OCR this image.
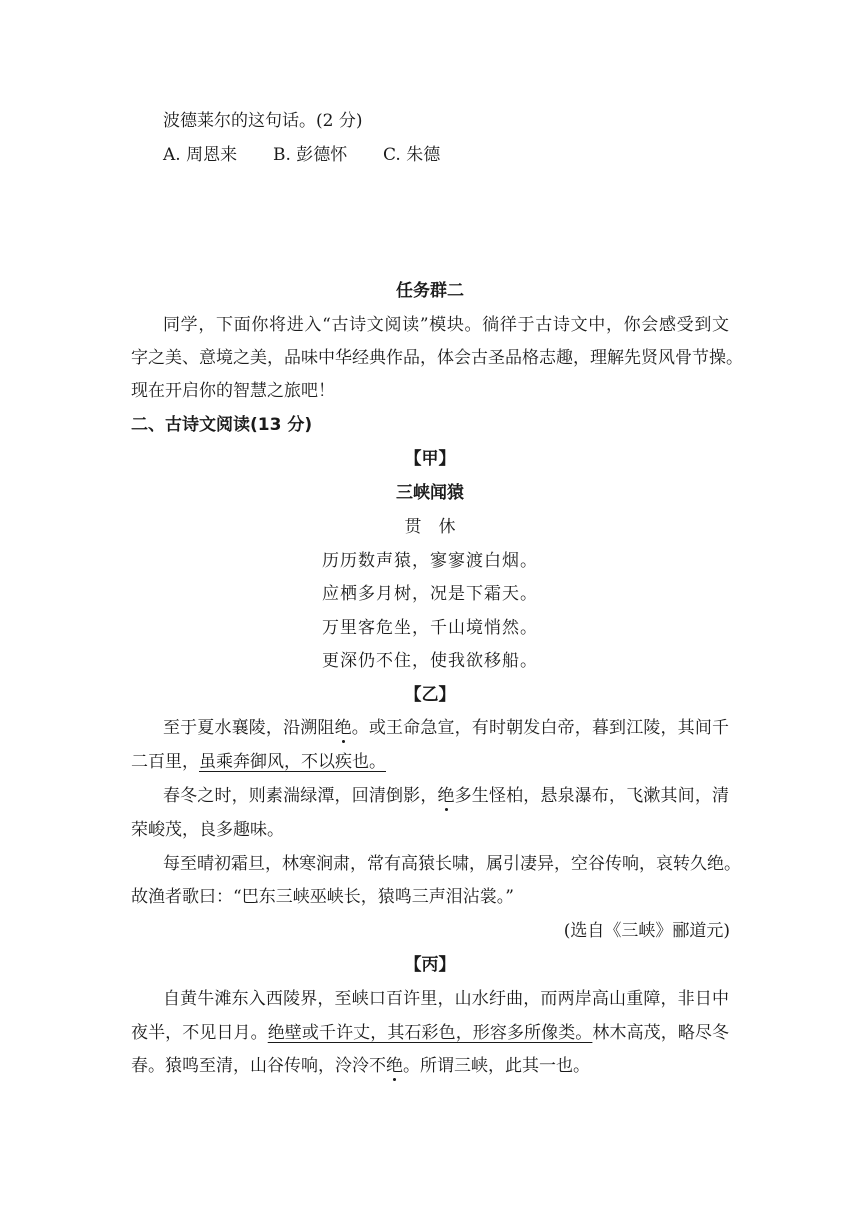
波德莱尔的这句话。(2 分)
A. 周恩来 B. 彭德怀 C. 朱德
任务群二
同学，下面你将进入“古诗文阅读”模块。徜徉于古诗文中，你会感受到文
字之美、意境之美，品味中华经典作品，体会古圣品格志趣，理解先贤风骨节操。
现在开启你的智慧之旅吧！
二、古诗文阅读(13 分)
【甲】
三峡闻猿
贯　休
历历数声猿，寥寥渡白烟。
应栖多月树，况是下霜天。
万里客危坐，千山境悄然。
更深仍不住，使我欲移船。
【乙】
至于夏水襄陵，沿溯阻绝。或王命急宣，有时朝发白帝，暮到江陵，其间千
二百里，虽乘奔御风，不以疾也。
春冬之时，则素湍绿潭，回清倒影，绝多生怪柏，悬泉瀑布，飞漱其间，清
荣峻茂，良多趣味。
每至晴初霜旦，林寒涧肃，常有高猿长啸，属引凄异，空谷传响，哀转久绝。
故渔者歌曰：“巴东三峡巫峡长，猿鸣三声泪沾裳。”
(选自《三峡》郦道元)
【丙】
自黄牛滩东入西陵界，至峡口百许里，山水纡曲，而两岸高山重障，非日中
夜半，不见日月。绝壁或千许丈，其石彩色，形容多所像类。林木高茂，略尽冬
春。猿鸣至清，山谷传响，泠泠不绝。所谓三峡，此其一也。
